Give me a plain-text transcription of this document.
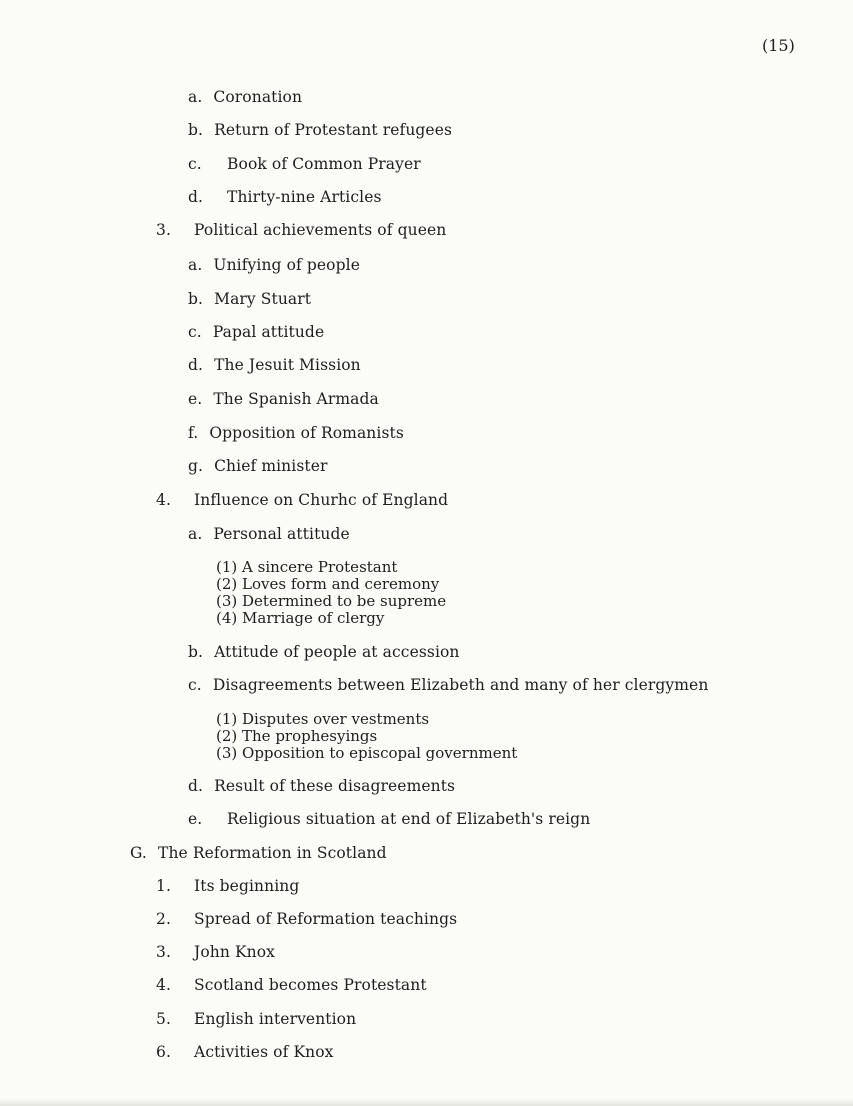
(15)
a. Coronation
b. Return of Protestant refugees
c. Book of Common Prayer
d. Thirty-nine Articles
3. Political achievements of queen
a. Unifying of people
b. Mary Stuart
c. Papal attitude
d. The Jesuit Mission
e. The Spanish Armada
f. Opposition of Romanists
g. Chief minister
4. Influence on Churhc of England
a. Personal attitude
(1) A sincere Protestant
(2) Loves form and ceremony
(3) Determined to be supreme
(4) Marriage of clergy
b. Attitude of people at accession
c. Disagreements between Elizabeth and many of her clergymen
(1) Disputes over vestments
(2) The prophesyings
(3) Opposition to episcopal government
d. Result of these disagreements
e. Religious situation at end of Elizabeth's reign
G. The Reformation in Scotland
1. Its beginning
2. Spread of Reformation teachings
3. John Knox
4. Scotland becomes Protestant
5. English intervention
6. Activities of Knox
